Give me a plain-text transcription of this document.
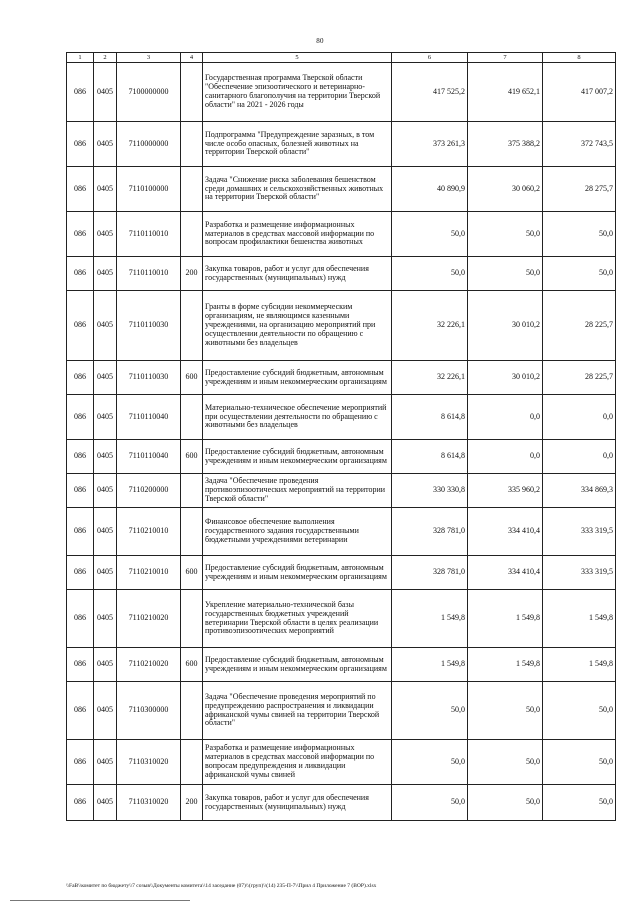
80
1	2	3	4	5	6	7	8
086	0405	7100000000		Государственная программа Тверской области "Обеспечение эпизоотического и ветеринарно-санитарного благополучия на территории Тверской области" на 2021 - 2026 годы	417 525,2	419 652,1	417 007,2
086	0405	7110000000		Подпрограмма "Предупреждение заразных, в том числе особо опасных, болезней животных на территории Тверской области"	373 261,3	375 388,2	372 743,5
086	0405	7110100000		Задача "Снижение риска заболевания бешенством среди домашних и сельскохозяйственных животных на территории Тверской области"	40 890,9	30 060,2	28 275,7
086	0405	7110110010		Разработка и размещение информационных материалов в средствах массовой информации по вопросам профилактики бешенства животных	50,0	50,0	50,0
086	0405	7110110010	200	Закупка товаров, работ и услуг для обеспечения государственных (муниципальных) нужд	50,0	50,0	50,0
086	0405	7110110030		Гранты в форме субсидии некоммерческим организациям, не являющимся казенными учреждениями, на организацию мероприятий при осуществлении деятельности по обращению с животными без владельцев	32 226,1	30 010,2	28 225,7
086	0405	7110110030	600	Предоставление субсидий бюджетным, автономным учреждениям и иным некоммерческим организациям	32 226,1	30 010,2	28 225,7
086	0405	7110110040		Материально-техническое обеспечение мероприятий при осуществлении деятельности по обращению с животными без владельцев	8 614,8	0,0	0,0
086	0405	7110110040	600	Предоставление субсидий бюджетным, автономным учреждениям и иным некоммерческим организациям	8 614,8	0,0	0,0
086	0405	7110200000		Задача "Обеспечение проведения противоэпизоотических мероприятий на территории Тверской области"	330 330,8	335 960,2	334 869,3
086	0405	7110210010		Финансовое обеспечение выполнения государственного задания государственными бюджетными учреждениями ветеринарии	328 781,0	334 410,4	333 319,5
086	0405	7110210010	600	Предоставление субсидий бюджетным, автономным учреждениям и иным некоммерческим организациям	328 781,0	334 410,4	333 319,5
086	0405	7110210020		Укрепление материально-технической базы государственных бюджетных учреждений ветеринарии Тверской области в целях реализации противоэпизоотических мероприятий	1 549,8	1 549,8	1 549,8
086	0405	7110210020	600	Предоставление субсидий бюджетным, автономным учреждениям и иным некоммерческим организациям	1 549,8	1 549,8	1 549,8
086	0405	7110300000		Задача "Обеспечение проведения мероприятий по предупреждению распространения и ликвидации африканской чумы свиней на территории Тверской области"	50,0	50,0	50,0
086	0405	7110310020		Разработка и размещение информационных материалов в средствах массовой информации по вопросам предупреждения и ликвидации африканской чумы свиней	50,0	50,0	50,0
086	0405	7110310020	200	Закупка товаров, работ и услуг для обеспечения государственных (муниципальных) нужд	50,0	50,0	50,0
\\FaB\\комитет по бюджету\\7 созыв\\Документы комитета\\14 заседание (07)\\(груп)\\(14) 235-П-7\\Прил 4 Приложение 7 (ВОР).xlsx
